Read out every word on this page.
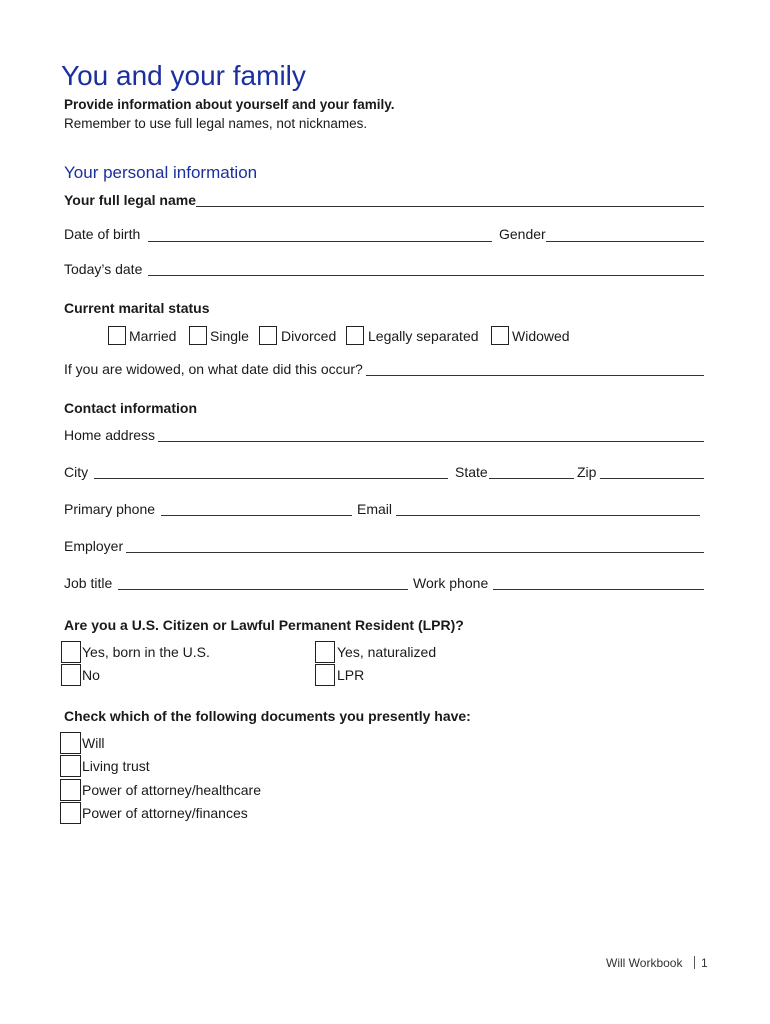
You and your family
Provide information about yourself and your family.
Remember to use full legal names, not nicknames.
Your personal information
Your full legal name
Date of birth	Gender
Today’s date
Current marital status
Married Single Divorced Legally separated Widowed
If you are widowed, on what date did this occur?
Contact information
Home address
City	State	Zip
Primary phone	Email
Employer
Job title	Work phone
Are you a U.S. Citizen or Lawful Permanent Resident (LPR)?
Yes, born in the U.S.
No
Yes, naturalized
LPR
Check which of the following documents you presently have:
Will
Living trust
Power of attorney/healthcare
Power of attorney/finances
Will Workbook 1
